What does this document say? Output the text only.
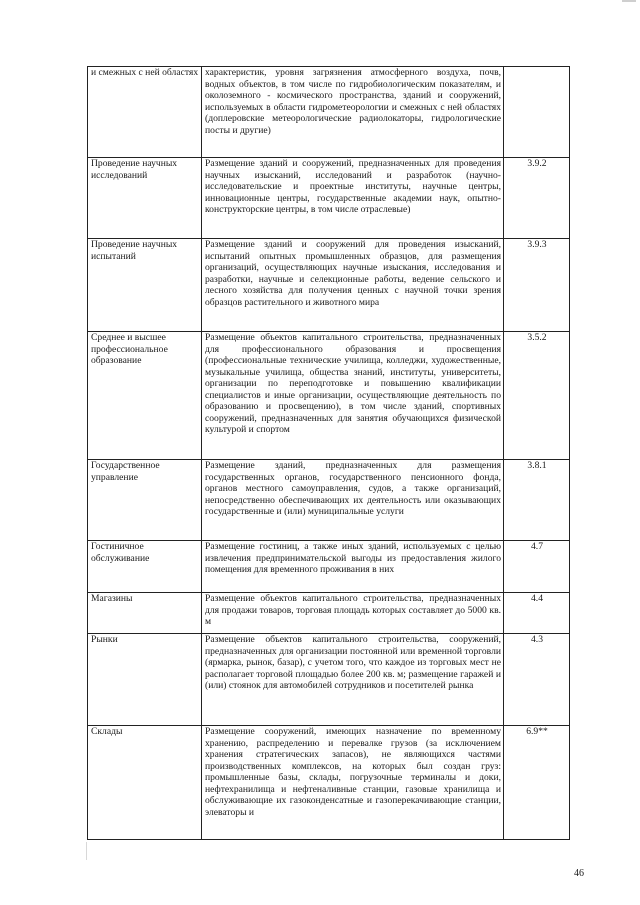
и смежных с ней областях	характеристик, уровня загрязнения атмосферного воздуха, почв, водных объектов, в том числе по гидробиологическим показателям, и околоземного - космического пространства, зданий и сооружений, используемых в области гидрометеорологии и смежных с ней областях (доплеровские метеорологические радиолокаторы, гидрологические посты и другие)	
Проведение научных исследований	Размещение зданий и сооружений, предназначенных для проведения научных изысканий, исследований и разработок (научно-исследовательские и проектные институты, научные центры, инновационные центры, государственные академии наук, опытно-конструкторские центры, в том числе отраслевые)	3.9.2
Проведение научных испытаний	Размещение зданий и сооружений для проведения изысканий, испытаний опытных промышленных образцов, для размещения организаций, осуществляющих научные изыскания, исследования и разработки, научные и селекционные работы, ведение сельского и лесного хозяйства для получения ценных с научной точки зрения образцов растительного и животного мира	3.9.3
Среднее и высшее профессиональное образование	Размещение объектов капитального строительства, предназначенных для профессионального образования и просвещения (профессиональные технические училища, колледжи, художественные, музыкальные училища, общества знаний, институты, университеты, организации по переподготовке и повышению квалификации специалистов и иные организации, осуществляющие деятельность по образованию и просвещению), в том числе зданий, спортивных сооружений, предназначенных для занятия обучающихся физической культурой и спортом	3.5.2
Государственное управление	Размещение зданий, предназначенных для размещения государственных органов, государственного пенсионного фонда, органов местного самоуправления, судов, а также организаций, непосредственно обеспечивающих их деятельность или оказывающих государственные и (или) муниципальные услуги	3.8.1
Гостиничное обслуживание	Размещение гостиниц, а также иных зданий, используемых с целью извлечения предпринимательской выгоды из предоставления жилого помещения для временного проживания в них	4.7
Магазины	Размещение объектов капитального строительства, предназначенных для продажи товаров, торговая площадь которых составляет до 5000 кв. м	4.4
Рынки	Размещение объектов капитального строительства, сооружений, предназначенных для организации постоянной или временной торговли (ярмарка, рынок, базар), с учетом того, что каждое из торговых мест не располагает торговой площадью более 200 кв. м; размещение гаражей и (или) стоянок для автомобилей сотрудников и посетителей рынка	4.3
Склады	Размещение сооружений, имеющих назначение по временному хранению, распределению и перевалке грузов (за исключением хранения стратегических запасов), не являющихся частями производственных комплексов, на которых был создан груз: промышленные базы, склады, погрузочные терминалы и доки, нефтехранилища и нефтеналивные станции, газовые хранилища и обслуживающие их газоконденсатные и газоперекачивающие станции, элеваторы и	6.9**
46
